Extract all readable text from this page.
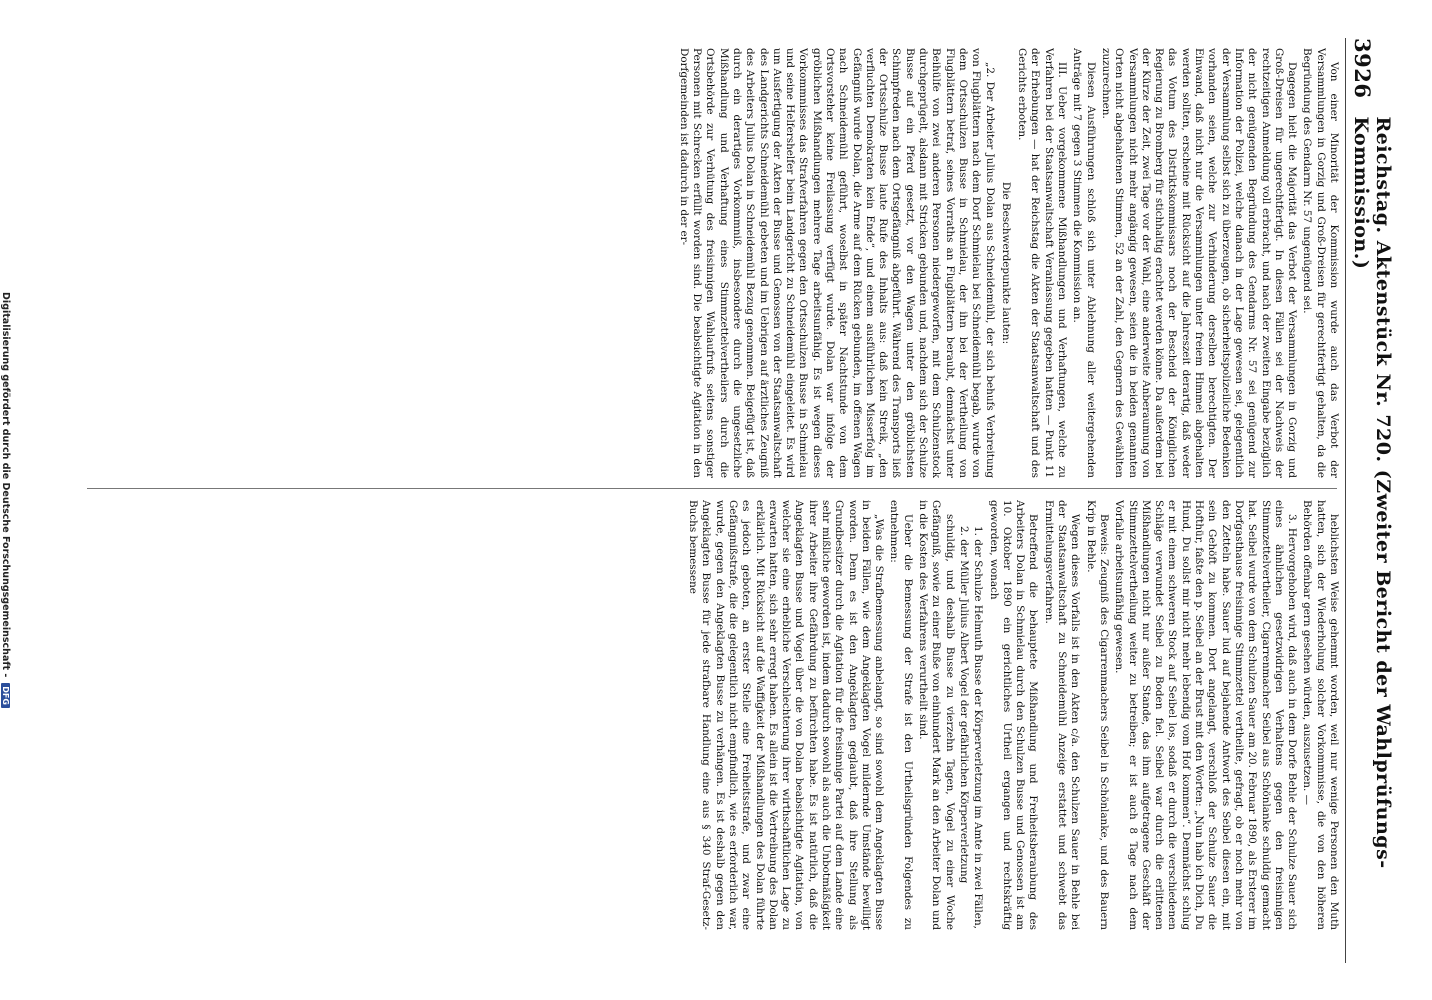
3926
Reichstag. Aktenstück Nr. 720. (Zweiter Bericht der Wahlprüfungs-Kommission.)

Von einer Minorität der Kommission wurde auch das Verbot der Versammlungen in Gorzig und Groß-Dreisen für gerechtfertigt gehalten, da die Begründung des Gendarm Nr. 57 ungenügend sei.

Dagegen hielt die Majorität das Verbot der Versammlungen in Gorzig und Groß-Dreisen für ungerechtfertigt. In diesen Fällen sei der Nachweis der rechtzeitigen Anmeldung voll erbracht, und nach der zweiten Eingabe bezüglich der nicht genügenden Begründung des Gendarms Nr. 57 sei genügend zur Information der Polizei, welche danach in der Lage gewesen sei, gelegentlich der Versammlung selbst sich zu überzeugen, ob sicherheitspolizeiliche Bedenken vorhanden seien, welche zur Verhinderung derselben berechtigten. Der Einwand, daß nicht nur die Versammlungen unter freiem Himmel abgehalten werden sollten, erscheine mit Rücksicht auf die Jahreszeit derartig, daß weder das Votum des Distriktskommissars noch der Bescheid der Königlichen Regierung zu Bromberg für stichhaltig erachtet werden könne. Da außerdem bei der Kürze der Zeit, zwei Tage vor der Wahl, eine anderweite Anberaumung von Versammlungen nicht mehr angängig gewesen, seien die in beiden genannten Orten nicht abgehaltenen Stimmen, 52 an der Zahl, den Gegnern des Gewählten zuzurechnen.

Diesen Ausführungen schloß sich unter Ablehnung aller weitergehenden Anträge mit 7 gegen 3 Stimmen die Kommission an.

III. Ueber vorgekommene Mißhandlungen und Verhaftungen, welche zu Verfahren bei der Staatsanwaltschaft Veranlassung gegeben hatten — Punkt 11 der Erhebungen — hat der Reichstag die Akten der Staatsanwaltschaft und des Gerichts erboten.

Die Beschwerdepunkte lauten:

„2. Der Arbeiter Julius Dolan aus Schneidemühl, der sich behufs Verbreitung von Flugblättern nach dem Dorf Schmielau bei Schneidemühl begab, wurde von dem Ortsschulzen Busse in Schmielau, der ihn bei der Vertheilung von Flugblättern betraf, seines Vorraths an Flugblättern beraubt, demnächst unter Beihülfe von zwei anderen Personen niedergeworfen, mit dem Schulzenstock durchgeprügelt, alsdann mit Stricken gebunden und, nachdem sich der Schulze Busse auf ein Pferd gesetzt, vor den Wagen unter den gröblichsten Schimpfreden nach dem Ortsgefängniß abgeführt. Während des Transports ließ der Ortsschulze Busse laute Rufe des Inhalts aus: daß kein Streik, „den verfluchten Demokraten kein Ende“, und einem ausführlichen Misserfolg im Gefängniß wurde Dolan, die Arme auf dem Rücken gebunden, im offenen Wagen nach Schneidemühl geführt, woselbst in später Nachtstunde von dem Ortsvorsteher keine Freilassung verfügt wurde. Dolan war infolge der gröblichen Mißhandlungen mehrere Tage arbeitsunfähig. Es ist wegen dieses Vorkommnisses das Strafverfahren gegen den Ortsschulzen Busse in Schmielau und seine Helfershelfer beim Landgericht zu Schneidemühl eingeleitet. Es wird um Ausfertigung der Akten der Busse und Genossen von der Staatsanwaltschaft des Landgerichts Schneidemühl gebeten und im Uebrigen auf ärztliches Zeugniß des Arbeiters Julius Dolan in Schneidemühl Bezug genommen. Beigefügt ist, daß durch ein derartiges Vorkommniß, insbesondere durch die ungesetzliche Mißhandlung und Verhaftung eines Stimmzettelvertheilers durch die Ortsbehörde zur Verhütung des freisinnigen Wahlaufrufs seitens sonstiger Personen mit Schrecken erfüllt worden sind. Die beabsichtigte Agitation in den Dorfgemeinden ist dadurch in der er-

heblichsten Weise gehemmt worden, weil nur wenige Personen den Muth hatten, sich der Wiederholung solcher Vorkommnisse, die von den höheren Behörden offenbar gern gesehen würden, auszusetzen. —

3. Hervorgehoben wird, daß auch in dem Dorfe Behle der Schulze Sauer sich eines ähnlichen gesetzwidrigen Verhaltens gegen den freisinnigen Stimmzettelvertheiler, Cigarrenmacher Seibel aus Schönlanke schuldig gemacht hat. Seibel wurde von dem Schulzen Sauer am 20. Februar 1890, als Ersterer im Dorfgasthause freisinnige Stimmzettel vertheilte, gefragt, ob er noch mehr von den Zetteln habe. Sauer lud auf bejahende Antwort des Seibel diesen ein, mit sein Gehöft zu kommen. Dort angelangt, verschloß der Schulze Sauer die Hofthür, faßte den p. Seibel an der Brust mit den Worten: „Nun hab ich Dich, Du Hund, Du sollst mir nicht mehr lebendig vom Hof kommen“. Demnächst schlug er mit einem schweren Stock auf Seibel los, sodaß er durch die verschiedenen Schläge verwundet Seibel zu Boden fiel. Seibel war durch die erlittenen Mißhandlungen nicht nur außer Stande, das ihm aufgetragene Geschäft der Stimmzettelvertheilung weiter zu betreiben; er ist auch 8 Tage nach dem Vorfalle arbeitsunfähig gewesen.

Beweis: Zeugniß des Cigarrenmachers Seibel in Schönlanke, und des Bauern Krip in Behle.

Wegen dieses Vorfalls ist in den Akten c/a. den Schulzen Sauer in Behle bei der Staatsanwaltschaft zu Schneidemühl Anzeige erstattet und schwebt das Ermittelungsverfahren.

Betreffend die behauptete Mißhandlung und Freiheitsberaubung des Arbeiters Dolan in Schmielau durch den Schulzen Busse und Genossen ist am 10. Oktober 1890 ein gerichtliches Urtheil ergangen und rechtskräftig geworden, wonach

1. der Schulze Helmuth Busse der Körperverletzung im Amte in zwei Fällen,

2. der Müller Julius Albert Vogel der gefährlichen Körperverletzung

schuldig, und deshalb Busse zu vierzehn Tagen, Vogel zu einer Woche Gefängniß, sowie zu einer Buße von einhundert Mark an den Arbeiter Dolan und in die Kosten des Verfahrens verurtheilt sind.

Ueber die Bemessung der Strafe ist den Urtheilsgründen Folgendes zu entnehmen:

„Was die Strafbemessung anbelangt, so sind sowohl dem Angeklagten Busse in beiden Fällen, wie dem Angeklagten Vogel mildernde Umstände bewilligt worden. Denn es ist den Angeklagten geglaubt, daß ihre Stellung als Grundbesitzer durch die Agitation für die freisinnige Partei auf dem Lande eine sehr mißliche geworden ist, indem dadurch sowohl als auch die Unbotmäßigkeit ihrer Arbeiter ihre Gefährdung zu befürchten habe. Es ist natürlich, daß die Angeklagten Busse und Vogel über die von Dolan beabsichtigte Agitation, von welcher sie eine erhebliche Verschlechterung ihrer wirthschaftlichen Lage zu erwarten hatten, sich sehr erregt haben. Es allein ist die Vertreibung des Dolan erklärlich. Mit Rücksicht auf die Waffigkeit der Mißhandlungen des Dolan führte es jedoch geboten, an erster Stelle eine Freiheitsstrafe, und zwar eine Gefängnißstrafe, die die gelegentlich nicht empfindlich, wie es erforderlich war, wurde, gegen den Angeklagten Busse zu verhängen. Es ist deshalb gegen den Angeklagten Busse für jede strafbare Handlung eine aus § 340 Straf-Gesetz-Buchs bemessene

Digitalisierung gefördert durch die Deutsche Forschungsgemeinschaft -
DFG
